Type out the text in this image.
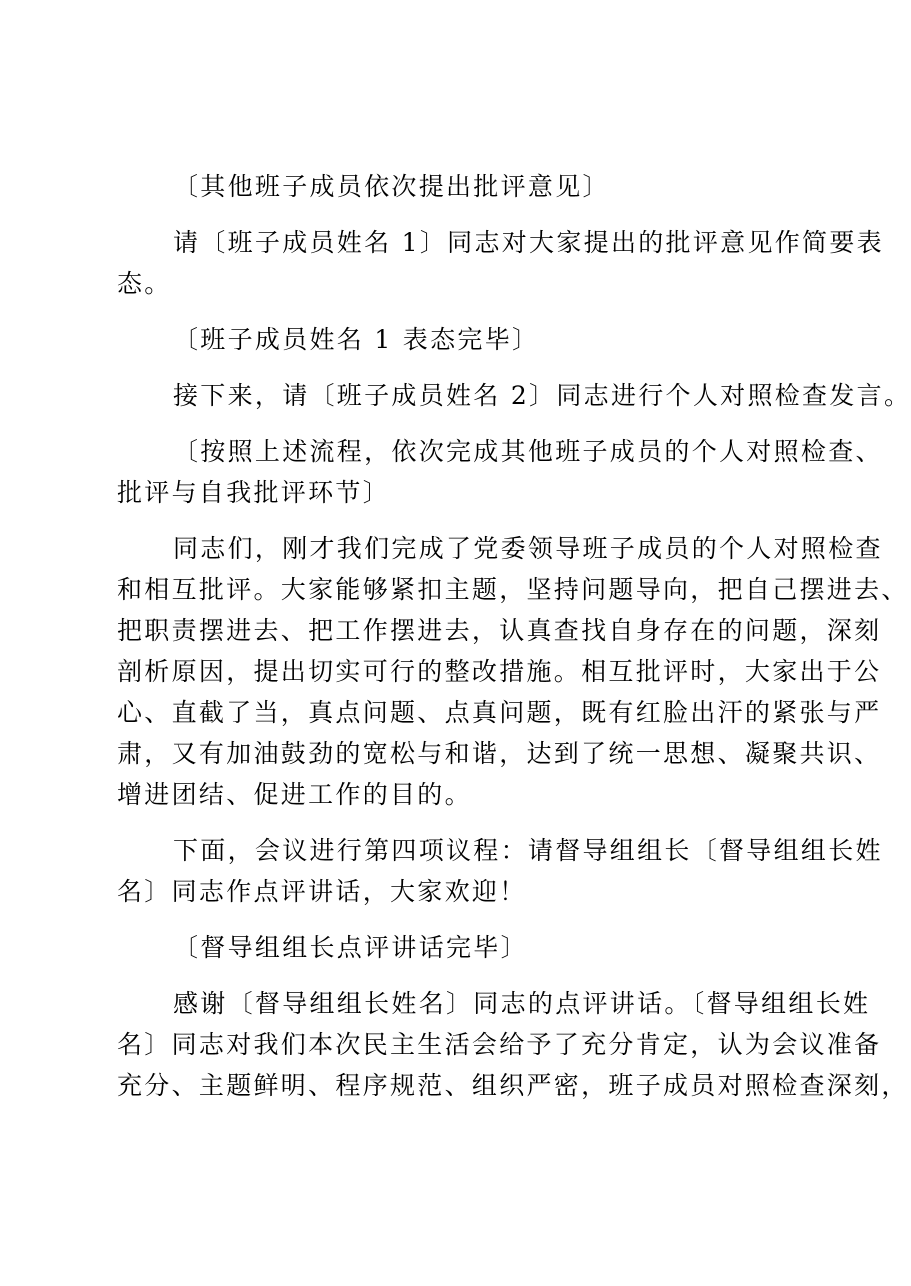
〔其他班子成员依次提出批评意见〕
请〔班子成员姓名 1〕同志对大家提出的批评意见作简要表
态。
〔班子成员姓名 1 表态完毕〕
接下来，请〔班子成员姓名 2〕同志进行个人对照检查发言。
〔按照上述流程，依次完成其他班子成员的个人对照检查、
批评与自我批评环节〕
同志们，刚才我们完成了党委领导班子成员的个人对照检查
和相互批评。大家能够紧扣主题，坚持问题导向，把自己摆进去、
把职责摆进去、把工作摆进去，认真查找自身存在的问题，深刻
剖析原因，提出切实可行的整改措施。相互批评时，大家出于公
心、直截了当，真点问题、点真问题，既有红脸出汗的紧张与严
肃，又有加油鼓劲的宽松与和谐，达到了统一思想、凝聚共识、
增进团结、促进工作的目的。
下面，会议进行第四项议程：请督导组组长〔督导组组长姓
名〕同志作点评讲话，大家欢迎！
〔督导组组长点评讲话完毕〕
感谢〔督导组组长姓名〕同志的点评讲话。〔督导组组长姓
名〕同志对我们本次民主生活会给予了充分肯定，认为会议准备
充分、主题鲜明、程序规范、组织严密，班子成员对照检查深刻，
